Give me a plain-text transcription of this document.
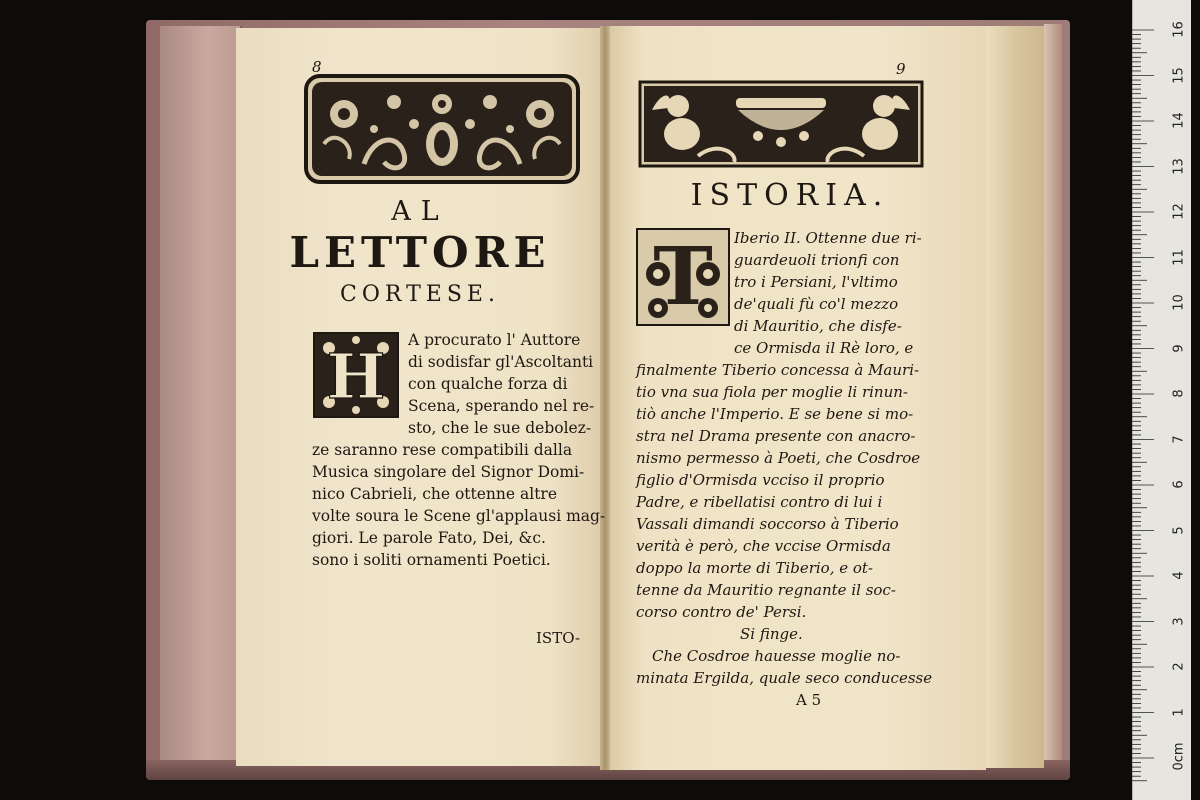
8
AL
LETTORE
CORTESE.
H A procurato l' Auttore
di sodisfar gl'Ascoltanti
con qualche forza di
Scena, sperando nel re-
sto, che le sue debolez-
ze saranno rese compatibili dalla
Musica singolare del Signor Domi-
nico Cabrieli, che ottenne altre
volte soura le Scene gl'applausi mag-
giori. Le parole Fato, Dei, &c.
sono i soliti ornamenti Poetici.
ISTO-
9
ISTORIA.
T Iberio II. Ottenne due ri-
guardeuoli trionfi con
tro i Persiani, l'vltimo
de'quali fù co'l mezzo
di Mauritio, che disfe-
ce Ormisda il Rè loro, e
finalmente Tiberio concessa à Mauri-
tio vna sua fiola per moglie li rinun-
tiò anche l'Imperio. E se bene si mo-
stra nel Drama presente con anacro-
nismo permesso à Poeti, che Cosdroe
figlio d'Ormisda vcciso il proprio
Padre, e ribellatisi contro di lui i
Vassali dimandi soccorso à Tiberio
verità è però, che vccise Ormisda
doppo la morte di Tiberio, e ot-
tenne da Mauritio regnante il soc-
corso contro de' Persi.
Si finge.
Che Cosdroe hauesse moglie no-
minata Ergilda, quale seco conducesse
A 5
16
15
14
13
12
11
10
9
8
7
6
5
4
3
2
1
0cm
